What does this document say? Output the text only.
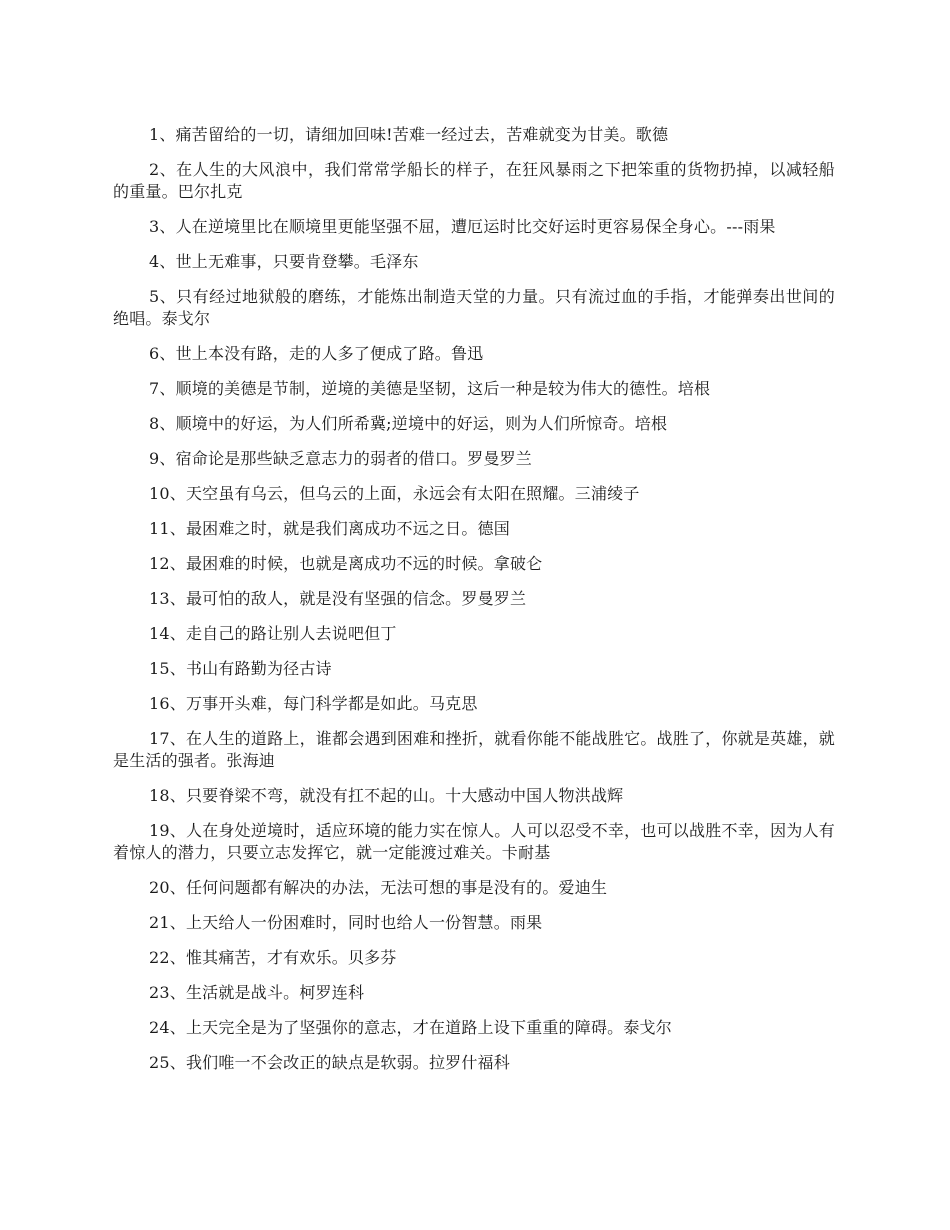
1、痛苦留给的一切，请细加回味!苦难一经过去，苦难就变为甘美。歌德

2、在人生的大风浪中，我们常常学船长的样子，在狂风暴雨之下把笨重的货物扔掉，以减轻船的重量。巴尔扎克

3、人在逆境里比在顺境里更能坚强不屈，遭厄运时比交好运时更容易保全身心。---雨果

4、世上无难事，只要肯登攀。毛泽东

5、只有经过地狱般的磨练，才能炼出制造天堂的力量。只有流过血的手指，才能弹奏出世间的绝唱。泰戈尔

6、世上本没有路，走的人多了便成了路。鲁迅

7、顺境的美德是节制，逆境的美德是坚韧，这后一种是较为伟大的德性。培根

8、顺境中的好运，为人们所希冀;逆境中的好运，则为人们所惊奇。培根

9、宿命论是那些缺乏意志力的弱者的借口。罗曼罗兰

10、天空虽有乌云，但乌云的上面，永远会有太阳在照耀。三浦绫子

11、最困难之时，就是我们离成功不远之日。德国

12、最困难的时候，也就是离成功不远的时候。拿破仑

13、最可怕的敌人，就是没有坚强的信念。罗曼罗兰

14、走自己的路让别人去说吧但丁

15、书山有路勤为径古诗

16、万事开头难，每门科学都是如此。马克思

17、在人生的道路上，谁都会遇到困难和挫折，就看你能不能战胜它。战胜了，你就是英雄，就是生活的强者。张海迪

18、只要脊梁不弯，就没有扛不起的山。十大感动中国人物洪战辉

19、人在身处逆境时，适应环境的能力实在惊人。人可以忍受不幸，也可以战胜不幸，因为人有着惊人的潜力，只要立志发挥它，就一定能渡过难关。卡耐基

20、任何问题都有解决的办法，无法可想的事是没有的。爱迪生

21、上天给人一份困难时，同时也给人一份智慧。雨果

22、惟其痛苦，才有欢乐。贝多芬

23、生活就是战斗。柯罗连科

24、上天完全是为了坚强你的意志，才在道路上设下重重的障碍。泰戈尔

25、我们唯一不会改正的缺点是软弱。拉罗什福科
